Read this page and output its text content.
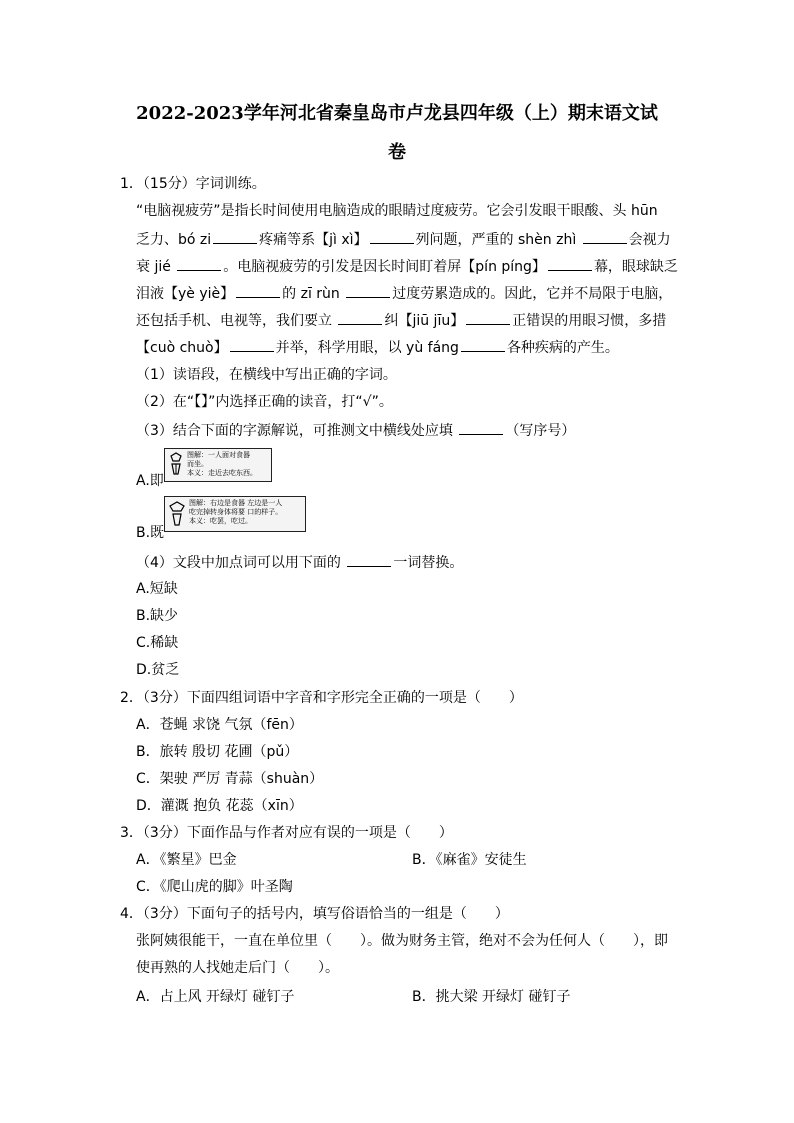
2022-2023学年河北省秦皇岛市卢龙县四年级（上）期末语文试
卷
1．（15分）字词训练。
“电脑视疲劳”是指长时间使用电脑造成的眼睛过度疲劳。它会引发眼干眼酸、头 hūn
乏力、bó zi	疼痛等系【jì xì】	列问题，严重的 shèn zhì	会视力
衰 jié	。电脑视疲劳的引发是因长时间盯着屏【pín píng】	幕，眼球缺乏
泪液【yè yiè】	的 zī rùn	过度劳累造成的。因此，它并不局限于电脑，
还包括手机、电视等，我们要立	纠【jiū jīu】	正错误的用眼习惯，多措
【cuò chuò】	并举，科学用眼，以 yù fáng	各种疾病的产生。
（1）读语段，在横线中写出正确的字词。
（2）在“【】”内选择正确的读音，打“√”。
（3）结合下面的字源解说，可推测文中横线处应填	（写序号）
A.即
图解：一人面对食器
而坐。
本义：走近去吃东西。
B.既
图解：右边是食器 左边是一人
吃完掉转身体将要 口的样子。
本义：吃罢，吃过。
（4）文段中加点词可以用下面的	一词替换。
A.短缺
B.缺少
C.稀缺
D.贫乏
2．（3分）下面四组词语中字音和字形完全正确的一项是（　　）
A．苍蝇 求饶 气氛（fēn）
B．旅转 殷切 花圃（pǔ）
C．架驶 严厉 青蒜（shuàn）
D．灌溉 抱负 花蕊（xīn）
3．（3分）下面作品与作者对应有误的一项是（　　）
A．《繁星》巴金	B．《麻雀》安徒生
C．《爬山虎的脚》叶圣陶
4．（3分）下面句子的括号内，填写俗语恰当的一组是（　　）
张阿姨很能干，一直在单位里（　　）。做为财务主管，绝对不会为任何人（　　），即
使再熟的人找她走后门（　　）。
A．占上风 开绿灯 碰钉子	B．挑大梁 开绿灯 碰钉子
